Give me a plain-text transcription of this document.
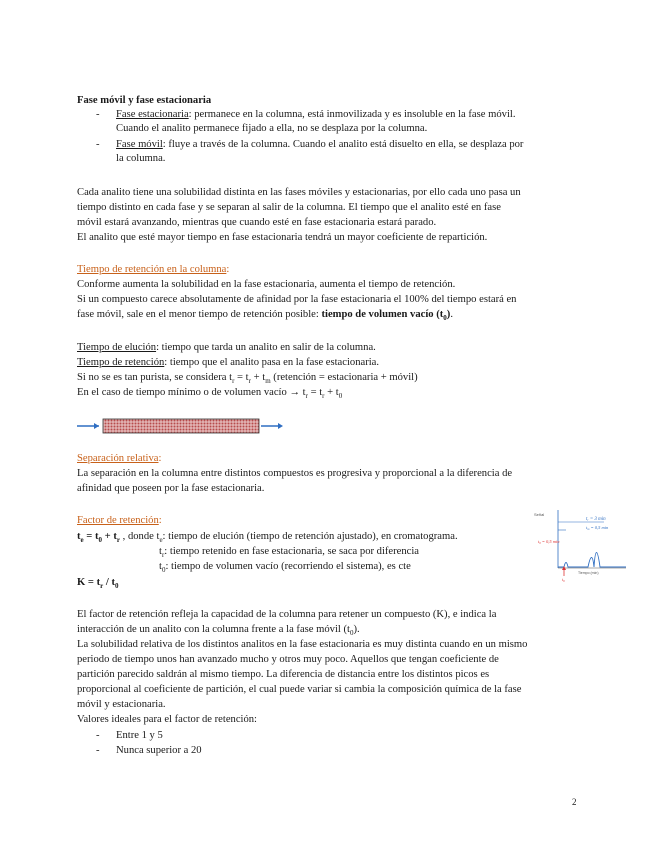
Fase móvil y fase estacionaria
- Fase estacionaria: permanece en la columna, está inmovilizada y es insoluble en la fase móvil.
Cuando el analito permanece fijado a ella, no se desplaza por la columna.
- Fase móvil: fluye a través de la columna. Cuando el analito está disuelto en ella, se desplaza por
la columna.
Cada analito tiene una solubilidad distinta en las fases móviles y estacionarias, por ello cada uno pasa un
tiempo distinto en cada fase y se separan al salir de la columna. El tiempo que el analito esté en fase
móvil estará avanzando, mientras que cuando esté en fase estacionaria estará parado.
El analito que esté mayor tiempo en fase estacionaria tendrá un mayor coeficiente de repartición.
Tiempo de retención en la columna:
Conforme aumenta la solubilidad en la fase estacionaria, aumenta el tiempo de retención.
Si un compuesto carece absolutamente de afinidad por la fase estacionaria el 100% del tiempo estará en
fase móvil, sale en el menor tiempo de retención posible: tiempo de volumen vacío $(t_0)$.
Tiempo de elución: tiempo que tarda un analito en salir de la columna.
Tiempo de retención: tiempo que el analito pasa en la fase estacionaria.
Si no se es tan purista, se considera $t_r = t_r + t_m$ (retención = estacionaria + móvil)
En el caso de tiempo mínimo o de volumen vacío → $t_r = t_r + t_0$
Separación relativa:
La separación en la columna entre distintos compuestos es progresiva y proporcional a la diferencia de
afinidad que poseen por la fase estacionaria.
Factor de retención:
$t_e = t_0 + t_r$ , donde $t_e$: tiempo de elución (tiempo de retención ajustado), en cromatograma.
$t_r$: tiempo retenido en fase estacionaria, se saca por diferencia
$t_0$: tiempo de volumen vacío (recorriendo el sistema), es cte
$K = t_r / t_0$
Señal
$t_r = 3$ min
$t_m = 0,5$ min
$t_0 = 0,5$ min
$t_0$
Tiempo (min)
El factor de retención refleja la capacidad de la columna para retener un compuesto (K), e indica la
interacción de un analito con la columna frente a la fase móvil $(t_0)$.
La solubilidad relativa de los distintos analitos en la fase estacionaria es muy distinta cuando en un mismo
periodo de tiempo unos han avanzado mucho y otros muy poco. Aquellos que tengan coeficiente de
partición parecido saldrán al mismo tiempo. La diferencia de distancia entre los distintos picos es
proporcional al coeficiente de partición, el cual puede variar si cambia la composición química de la fase
móvil y estacionaria.
Valores ideales para el factor de retención:
- Entre 1 y 5
- Nunca superior a 20
2
